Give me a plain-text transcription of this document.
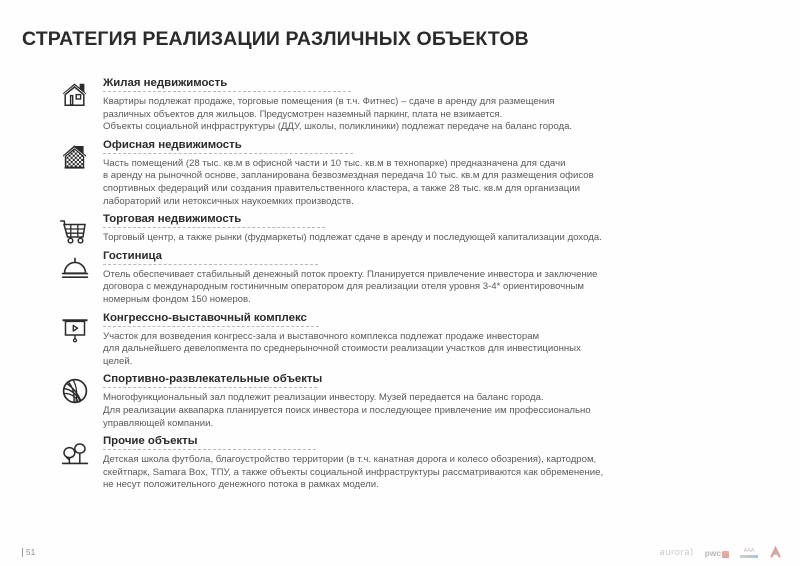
СТРАТЕГИЯ РЕАЛИЗАЦИИ РАЗЛИЧНЫХ ОБЪЕКТОВ
Жилая недвижимость

Квартиры подлежат продаже, торговые помещения (в т.ч. Фитнес) – сдаче в аренду для размещения

различных объектов для жильцов. Предусмотрен наземный паркинг, плата не взимается.

Объекты социальной инфраструктуры (ДДУ, школы, поликлиники) подлежат передаче на баланс города.

Офисная недвижимость

Часть помещений (28 тыс. кв.м в офисной части и 10 тыс. кв.м в технопарке) предназначена для сдачи

в аренду на рыночной основе, запланирована безвозмездная передача 10 тыс. кв.м для размещения офисов

спортивных федераций или создания правительственного кластера, а также 28 тыс. кв.м для организации

лабораторий или нетоксичных наукоемких производств.

Торговая недвижимость

Торговый центр, а также рынки (фудмаркеты) подлежат сдаче в аренду и последующей капитализации дохода.

Гостиница

Отель обеспечивает стабильный денежный поток проекту. Планируется привлечение инвестора и заключение

договора с международным гостиничным оператором для реализации отеля уровня 3-4* ориентировочным

номерным фондом 150 номеров.

Конгрессно-выставочный комплекс

Участок для возведения конгресс-зала и выставочного комплекса подлежат продаже инвесторам

для дальнейшего девелопмента по среднерыночной стоимости реализации участков для инвестиционных

целей.

Спортивно-развлекательные объекты

Многофункциональный зал подлежит реализации инвестору. Музей передается на баланс города.

Для реализации аквапарка планируется поиск инвестора и последующее привлечение им профессионально

управляющей компании.

Прочие объекты

Детская школа футбола, благоустройство территории (в т.ч. канатная дорога и колесо обозрения), картодром,

скейтпарк, Samara Box, ТПУ, а также объекты социальной инфраструктуры рассматриваются как обременение,

не несут положительного денежного потока в рамках модели.

51	aurora) pwc	AAA
